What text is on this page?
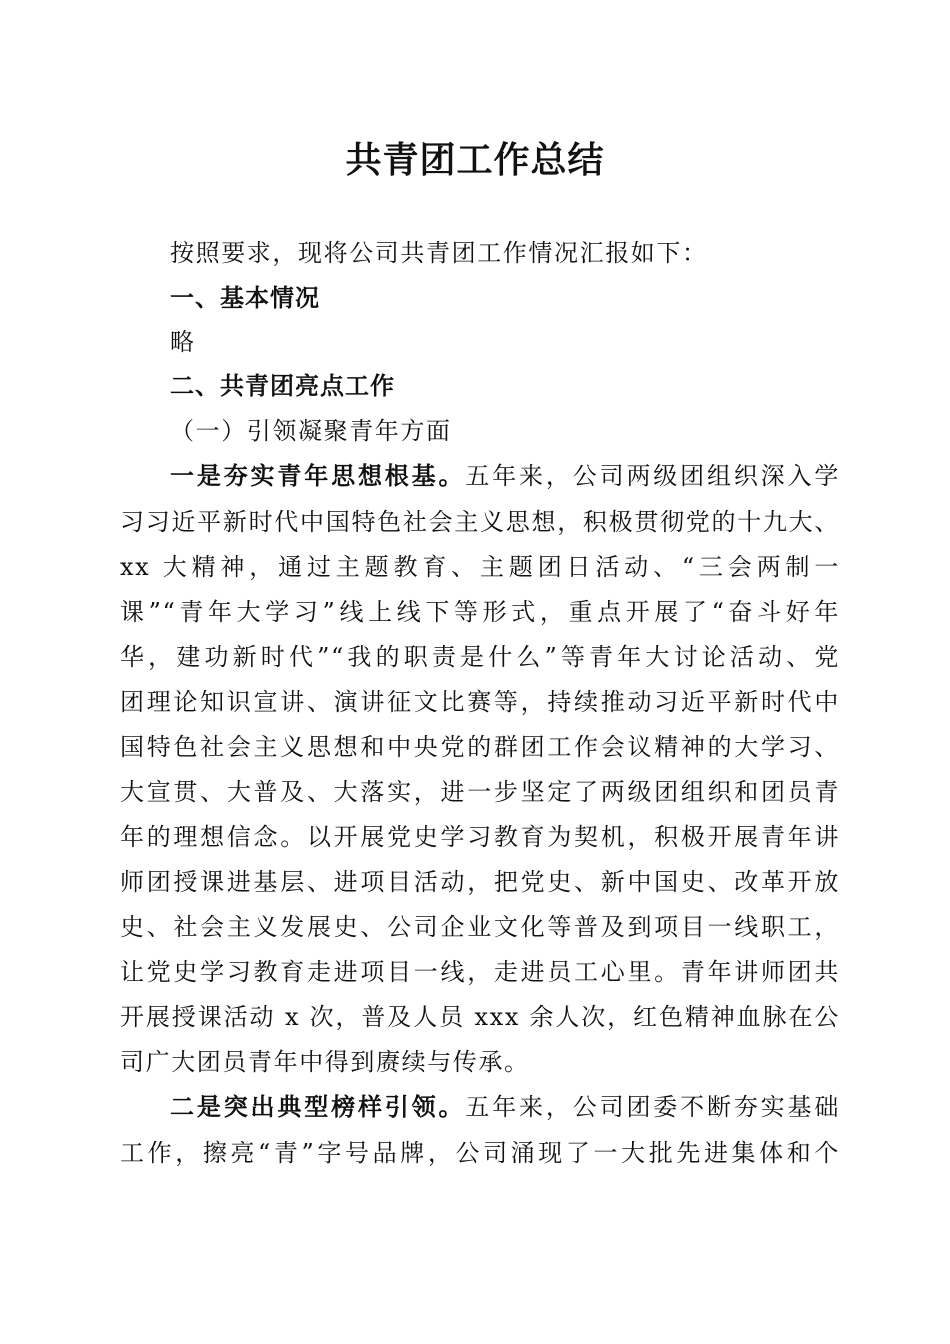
共青团工作总结
按照要求，现将公司共青团工作情况汇报如下：
一、基本情况
略
二、共青团亮点工作
（一）引领凝聚青年方面
一是夯实青年思想根基。五年来，公司两级团组织深入学
习习近平新时代中国特色社会主义思想，积极贯彻党的十九大、
xx 大精神，通过主题教育、主题团日活动、“三会两制一
课”“青年大学习”线上线下等形式，重点开展了“奋斗好年
华，建功新时代”“我的职责是什么”等青年大讨论活动、党
团理论知识宣讲、演讲征文比赛等，持续推动习近平新时代中
国特色社会主义思想和中央党的群团工作会议精神的大学习、
大宣贯、大普及、大落实，进一步坚定了两级团组织和团员青
年的理想信念。以开展党史学习教育为契机，积极开展青年讲
师团授课进基层、进项目活动，把党史、新中国史、改革开放
史、社会主义发展史、公司企业文化等普及到项目一线职工，
让党史学习教育走进项目一线，走进员工心里。青年讲师团共
开展授课活动 x 次，普及人员 xxx 余人次，红色精神血脉在公
司广大团员青年中得到赓续与传承。
二是突出典型榜样引领。五年来，公司团委不断夯实基础
工作，擦亮“青”字号品牌，公司涌现了一大批先进集体和个
